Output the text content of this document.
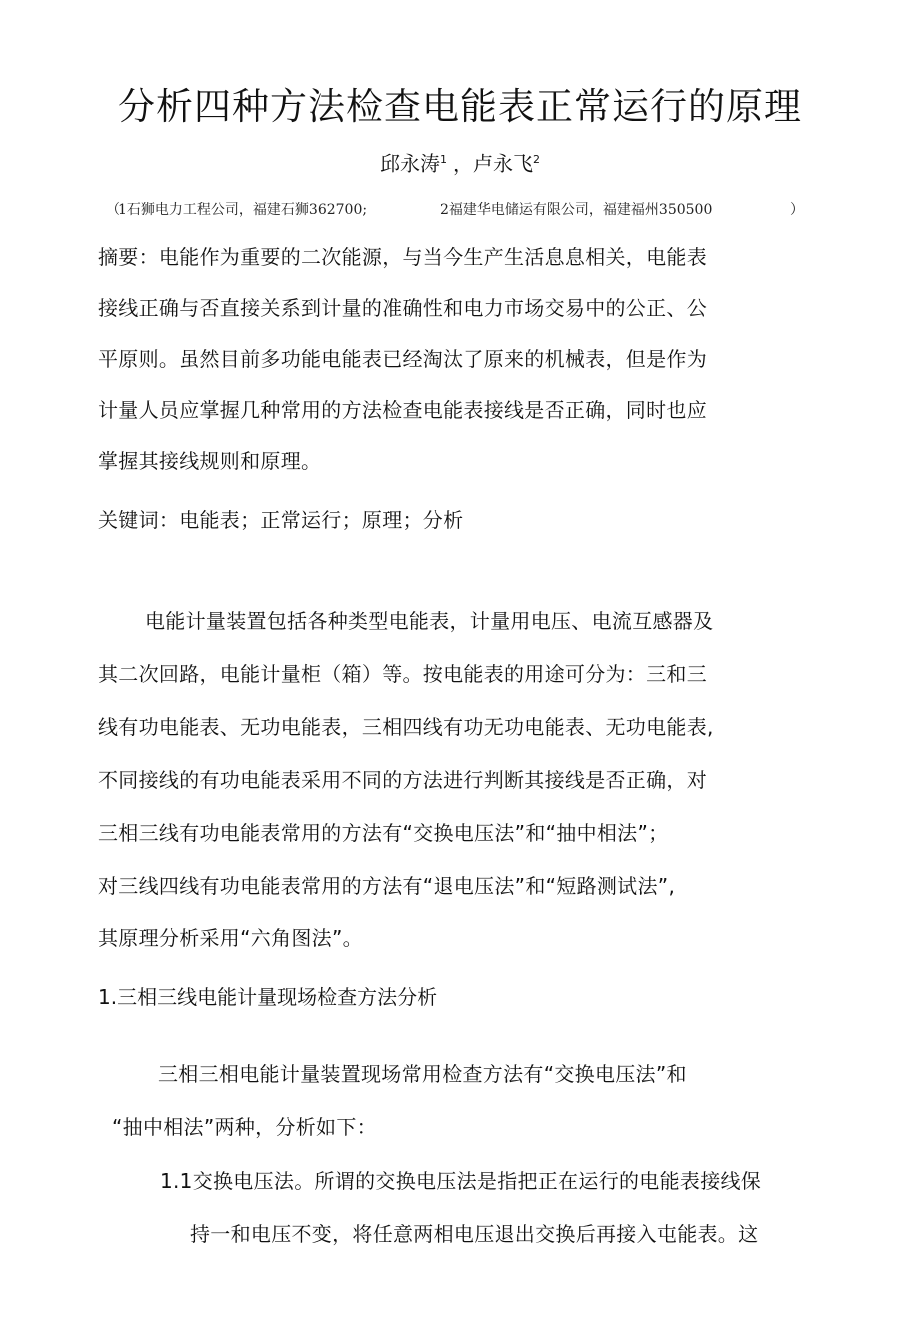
分析四种方法检查电能表正常运行的原理
邱永涛$^1$ ，卢永飞$^2$
（
1石狮电力工程公司，福建石狮362700;	2福建华电储运有限公司，福建福州350500	）
摘要：电能作为重要的二次能源，与当今生产生活息息相关，电能表
接线正确与否直接关系到计量的准确性和电力市场交易中的公正、公
平原则。虽然目前多功能电能表已经淘汰了原来的机械表，但是作为
计量人员应掌握几种常用的方法检查电能表接线是否正确，同时也应
掌握其接线规则和原理。
关键词：电能表；正常运行；原理；分析
电能计量装置包括各种类型电能表，计量用电压、电流互感器及
其二次回路，电能计量柜（箱）等。按电能表的用途可分为：三和三
线有功电能表、无功电能表，三相四线有功无功电能表、无功电能表,
不同接线的有功电能表采用不同的方法进行判断其接线是否正确，对
三相三线有功电能表常用的方法有“交换电压法”和“抽中相法”；
对三线四线有功电能表常用的方法有“退电压法”和“短路测试法”,
其原理分析采用“六角图法”。
1.三相三线电能计量现场检查方法分析
三相三相电能计量装置现场常用检查方法有“交换电压法”和
“抽中相法”两种，分析如下：
1.1交换电压法。所谓的交换电压法是指把正在运行的电能表接线保
持一和电压不变，将任意两相电压退出交换后再接入屯能表。这
